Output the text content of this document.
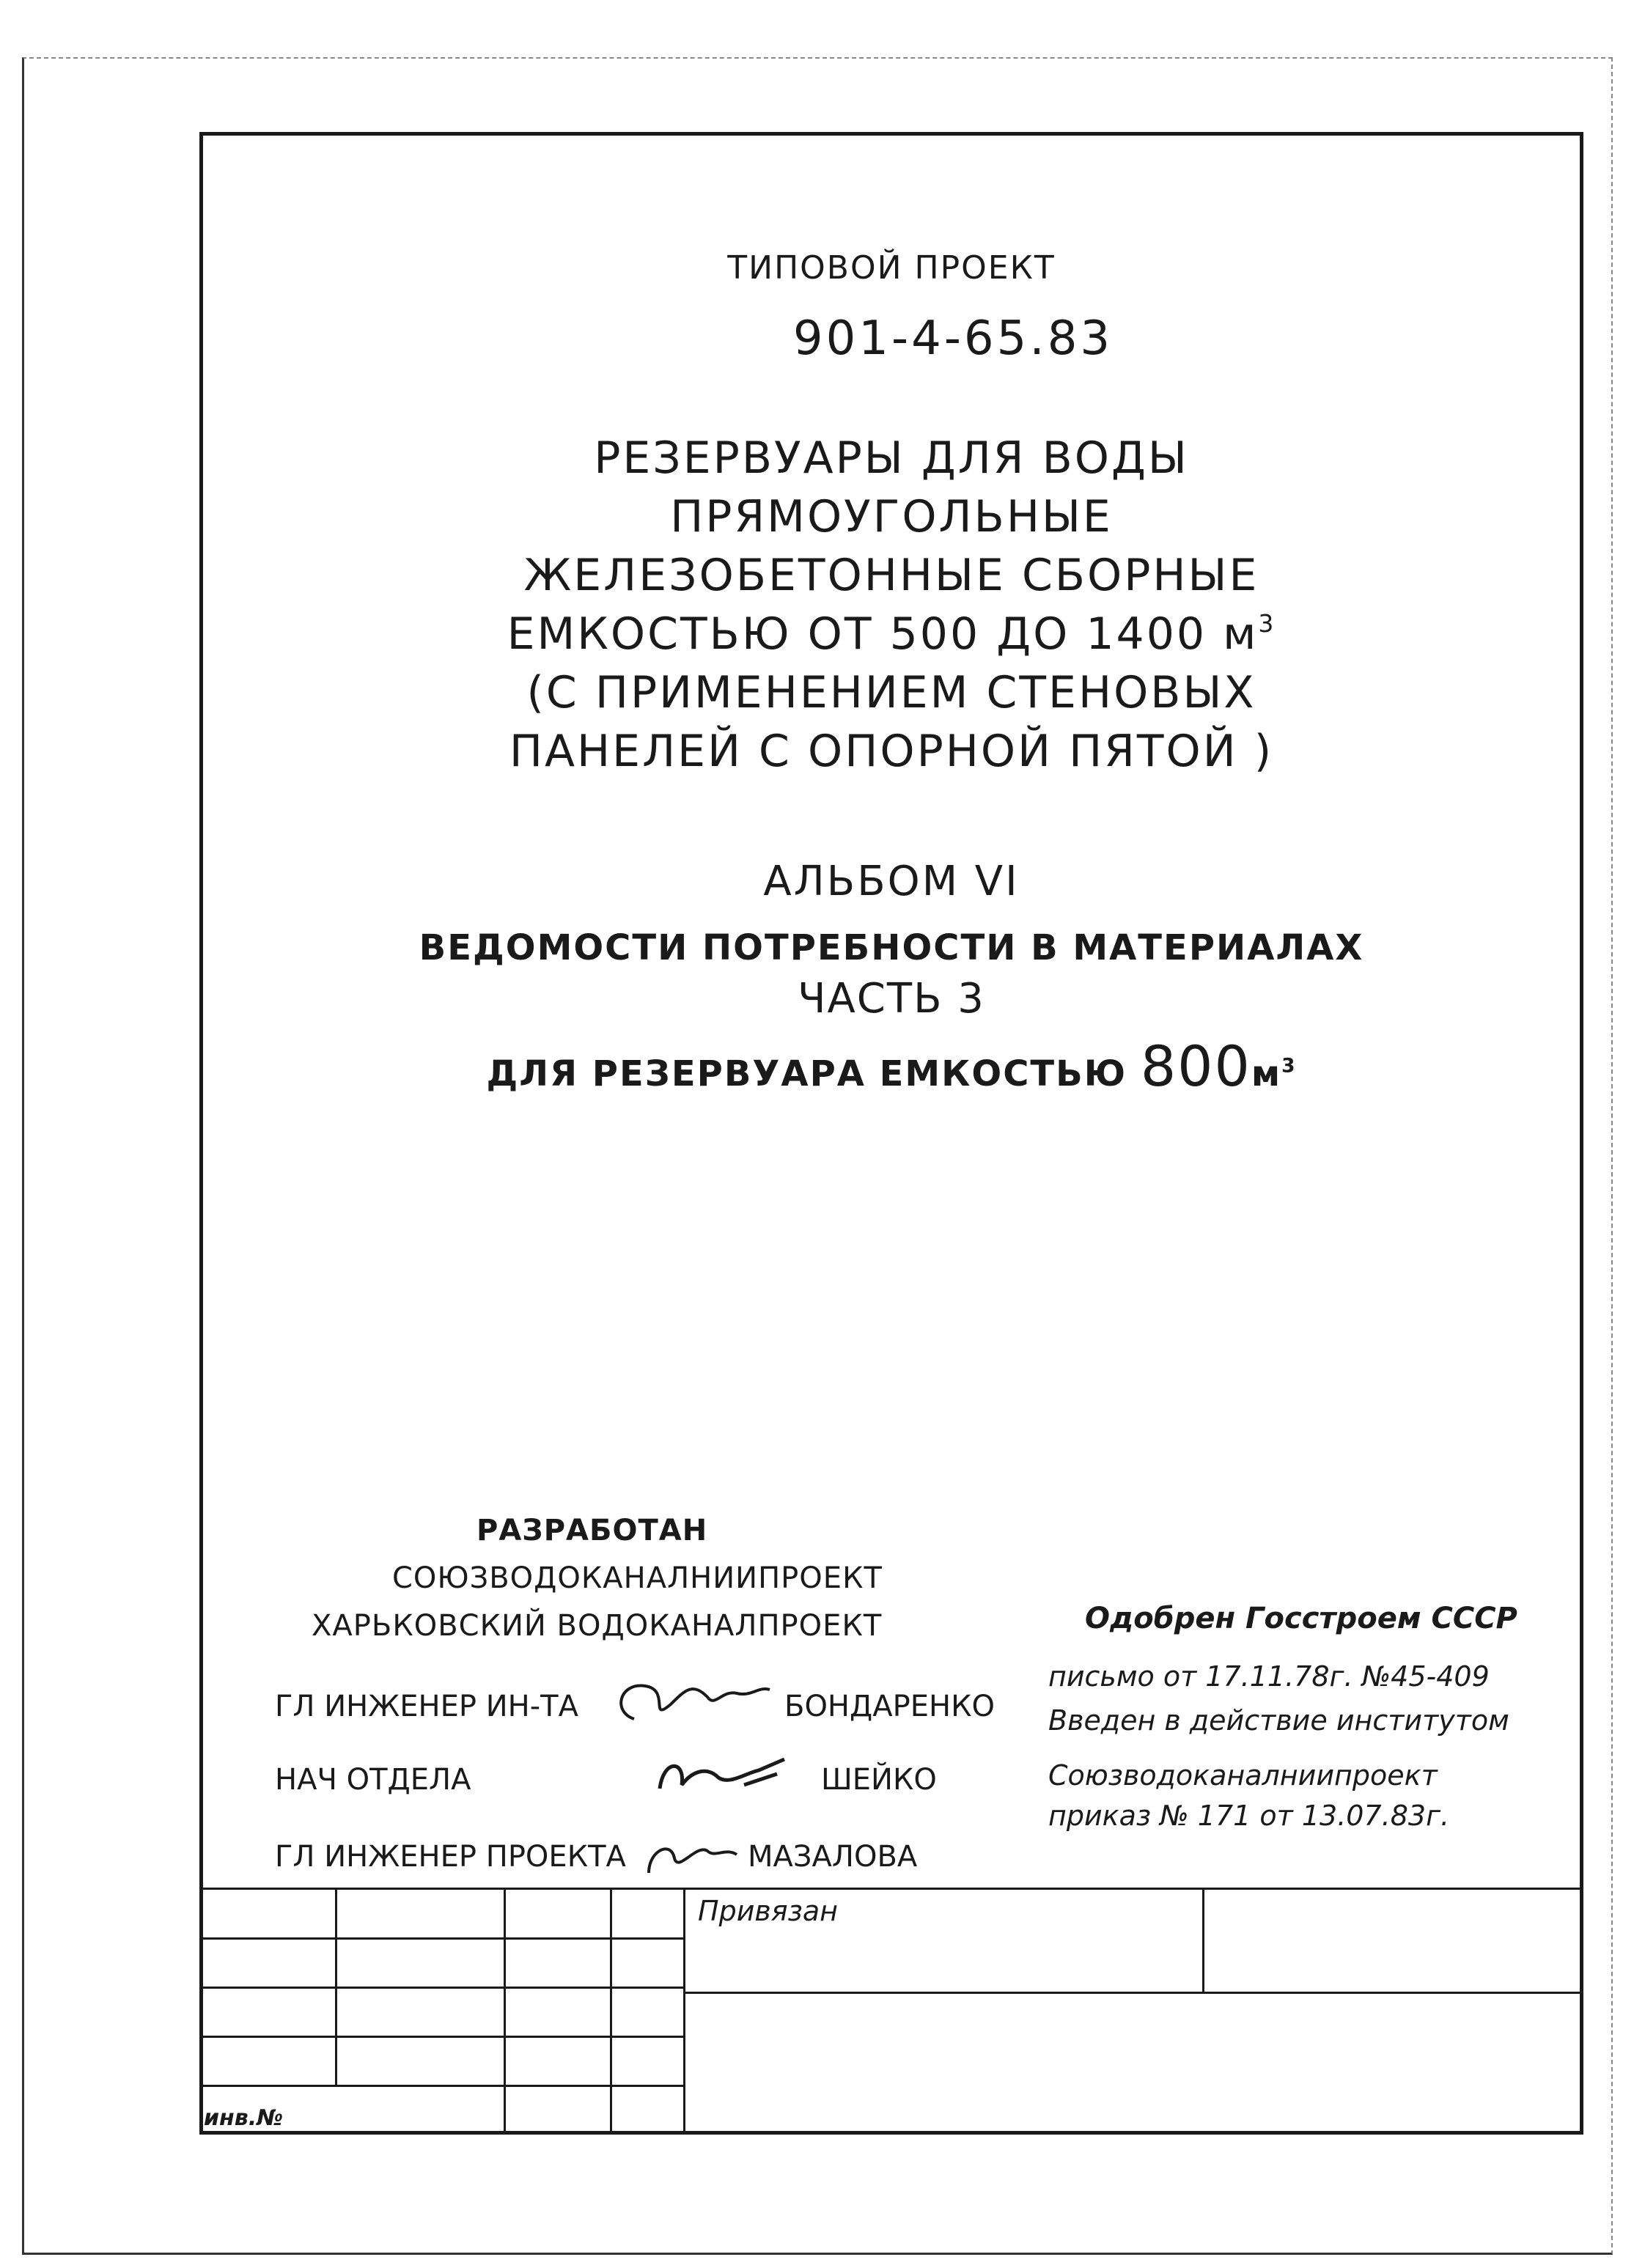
ТИПОВОЙ ПРОЕКТ
901-4-65.83
РЕЗЕРВУАРЫ ДЛЯ ВОДЫ
ПРЯМОУГОЛЬНЫЕ
ЖЕЛЕЗОБЕТОННЫЕ СБОРНЫЕ
ЕМКОСТЬЮ ОТ 500 ДО 1400 $м^3$
(С ПРИМЕНЕНИЕМ СТЕНОВЫХ
ПАНЕЛЕЙ С ОПОРНОЙ ПЯТОЙ )
АЛЬБОМ VI
ВЕДОМОСТИ ПОТРЕБНОСТИ В МАТЕРИАЛАХ
ЧАСТЬ 3
ДЛЯ РЕЗЕРВУАРА ЕМКОСТЬЮ $800м^3$
РАЗРАБОТАН
СОЮЗВОДОКАНАЛНИИПРОЕКТ
ХАРЬКОВСКИЙ ВОДОКАНАЛПРОЕКТ
ГЛ ИНЖЕНЕР ИН-ТА	БОНДАРЕНКО
НАЧ ОТДЕЛА	ШЕЙКО
ГЛ ИНЖЕНЕР ПРОЕКТА	МАЗАЛОВА
Одобрен Госстроем СССР
письмо от 17.11.78г. №45-409
Введен в действие институтом
Союзводоканалниипроект
приказ № 171 от 13.07.83г.
Привязан
инв.№
